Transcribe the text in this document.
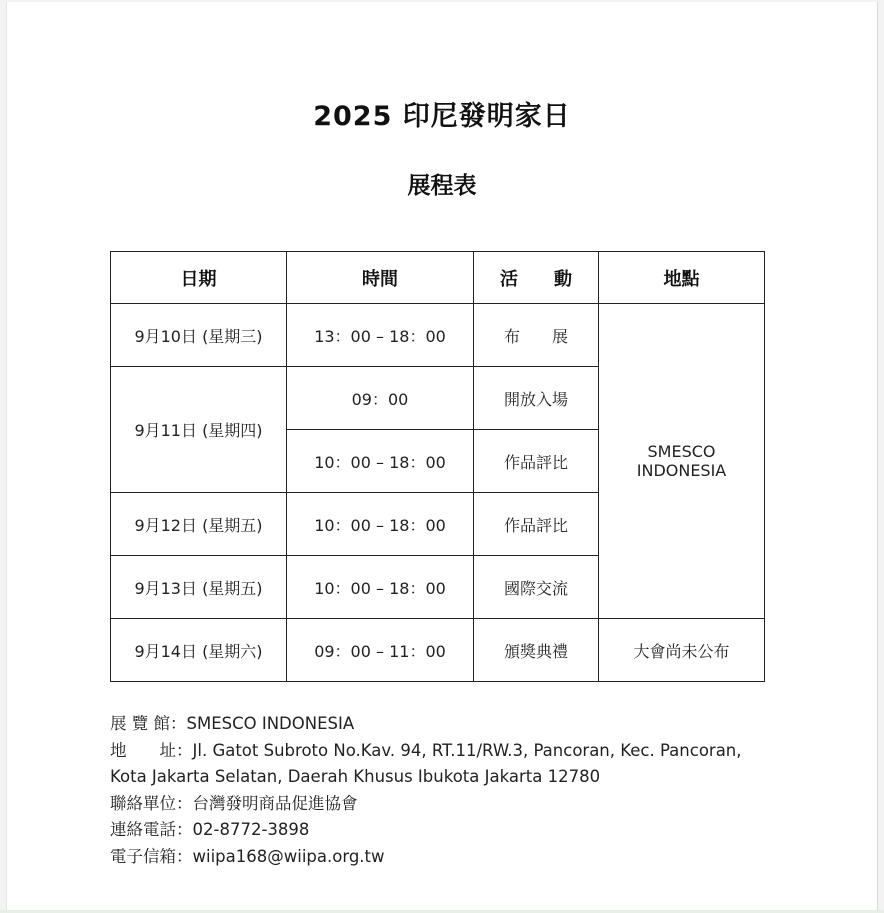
2025 印尼發明家日
展程表
日期	時間	活　　動	地點
9月10日 (星期三)	13：00 – 18：00	布　　展	SMESCO
INDONESIA

9月11日 (星期四)	09：00	開放入場	
	10：00 – 18：00	作品評比	
9月12日 (星期五)	10：00 – 18：00	作品評比	
9月13日 (星期五)	10：00 – 18：00	國際交流	
9月14日 (星期六)	09：00 – 11：00	頒獎典禮	大會尚未公布
展 覽 館：SMESCO INDONESIA
地　　址：Jl. Gatot Subroto No.Kav. 94, RT.11/RW.3, Pancoran, Kec. Pancoran,
Kota Jakarta Selatan, Daerah Khusus Ibukota Jakarta 12780
聯絡單位：台灣發明商品促進協會
連絡電話：02-8772-3898
電子信箱：wiipa168@wiipa.org.tw
